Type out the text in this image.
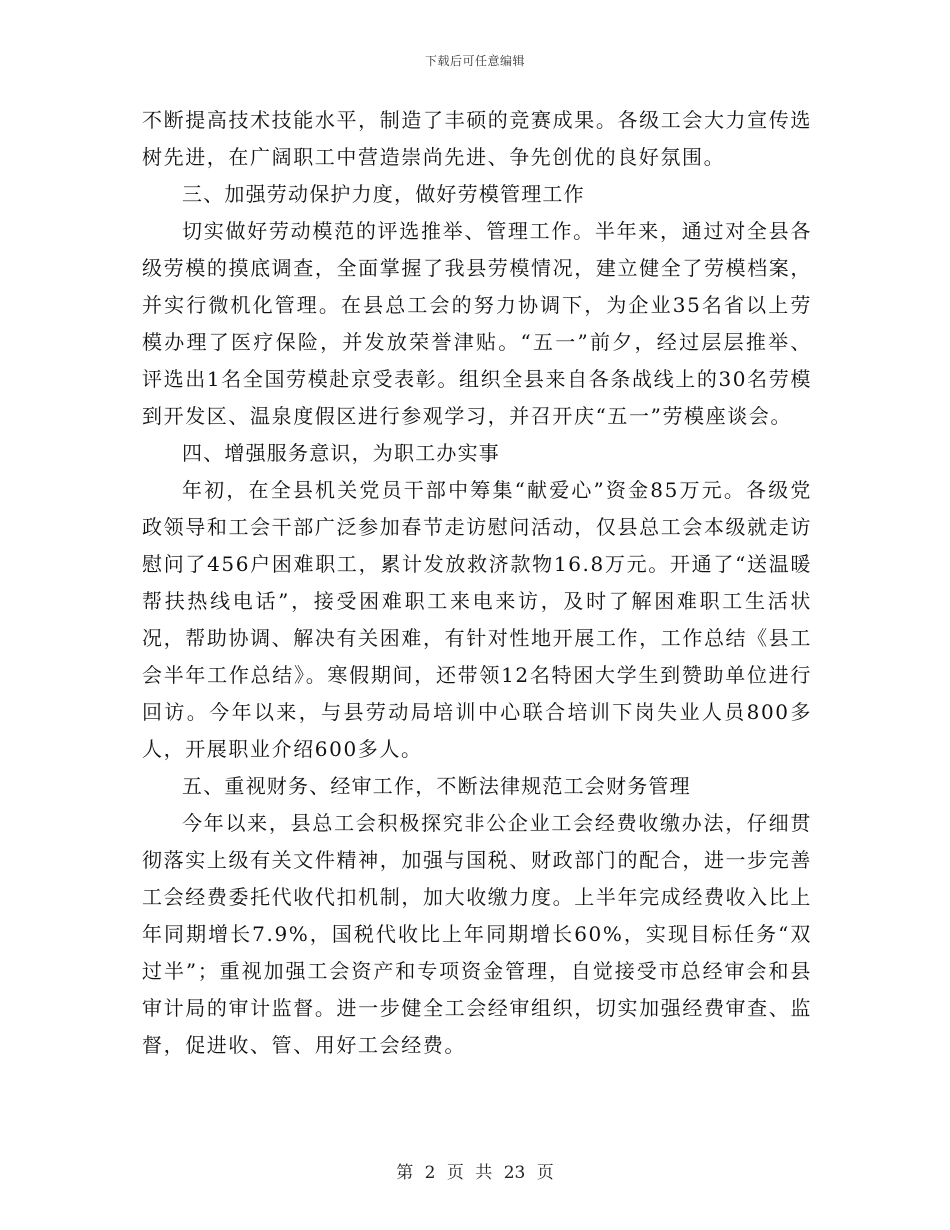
下载后可任意编辑

不断提高技术技能水平，制造了丰硕的竞赛成果。各级工会大力宣传选树先进，在广阔职工中营造崇尚先进、争先创优的良好氛围。

三、加强劳动保护力度，做好劳模管理工作

切实做好劳动模范的评选推举、管理工作。半年来，通过对全县各级劳模的摸底调查，全面掌握了我县劳模情况，建立健全了劳模档案，并实行微机化管理。在县总工会的努力协调下，为企业35名省以上劳模办理了医疗保险，并发放荣誉津贴。“五一”前夕，经过层层推举、评选出1名全国劳模赴京受表彰。组织全县来自各条战线上的30名劳模到开发区、温泉度假区进行参观学习，并召开庆“五一”劳模座谈会。

四、增强服务意识，为职工办实事

年初，在全县机关党员干部中筹集“献爱心”资金85万元。各级党政领导和工会干部广泛参加春节走访慰问活动，仅县总工会本级就走访慰问了456户困难职工，累计发放救济款物16.8万元。开通了“送温暖帮扶热线电话”，接受困难职工来电来访，及时了解困难职工生活状况，帮助协调、解决有关困难，有针对性地开展工作，工作总结《县工会半年工作总结》。寒假期间，还带领12名特困大学生到赞助单位进行回访。今年以来，与县劳动局培训中心联合培训下岗失业人员800多人，开展职业介绍600多人。

五、重视财务、经审工作，不断法律规范工会财务管理

今年以来，县总工会积极探究非公企业工会经费收缴办法，仔细贯彻落实上级有关文件精神，加强与国税、财政部门的配合，进一步完善工会经费委托代收代扣机制，加大收缴力度。上半年完成经费收入比上年同期增长7.9%，国税代收比上年同期增长60%，实现目标任务“双过半”；重视加强工会资产和专项资金管理，自觉接受市总经审会和县审计局的审计监督。进一步健全工会经审组织，切实加强经费审查、监督，促进收、管、用好工会经费。

第 2 页 共 23 页
